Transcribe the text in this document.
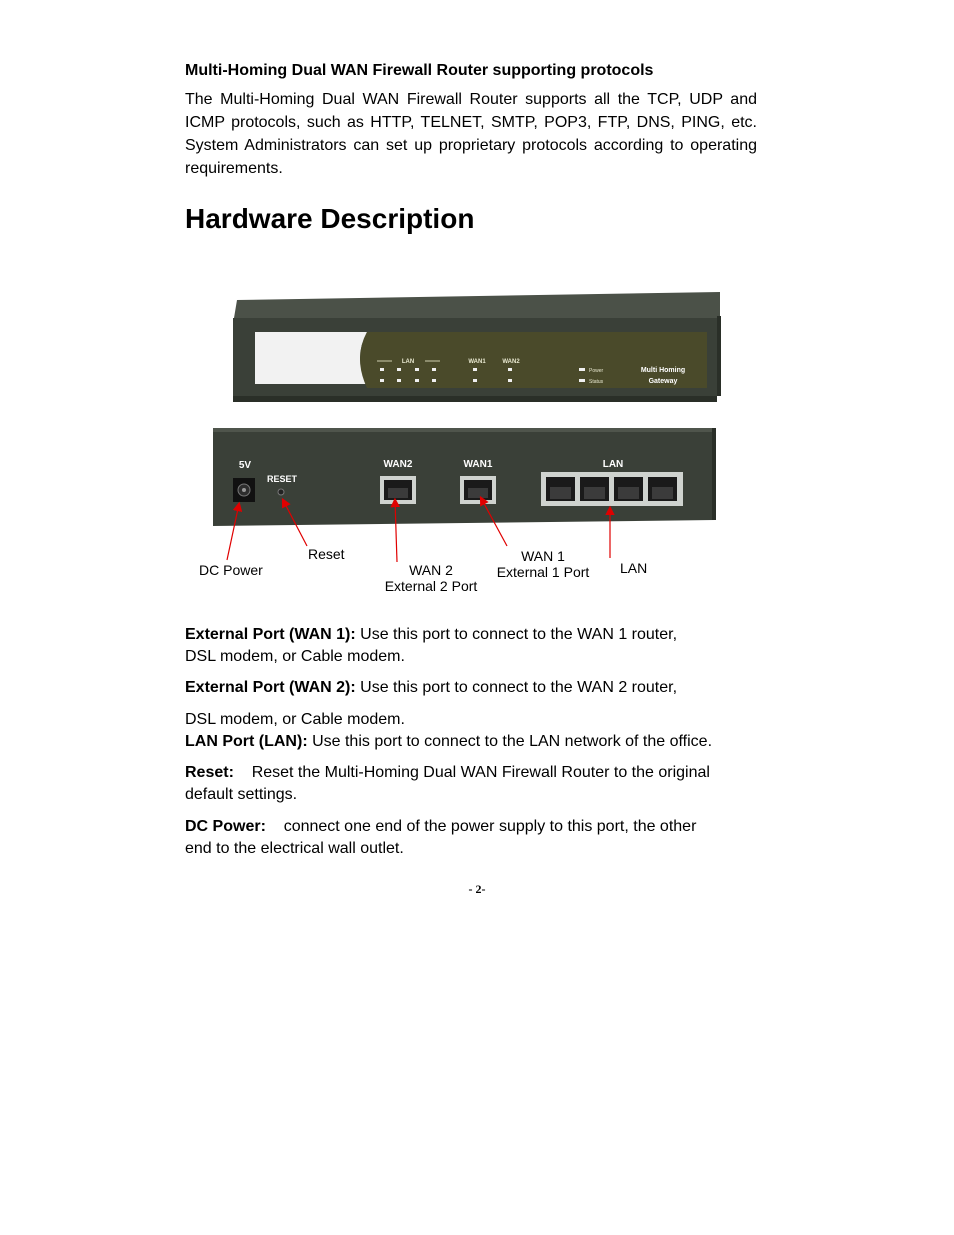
Multi-Homing Dual WAN Firewall Router supporting protocols
The Multi-Homing Dual WAN Firewall Router supports all the TCP, UDP and ICMP protocols, such as HTTP, TELNET, SMTP, POP3, FTP, DNS, PING, etc. System Administrators can set up proprietary protocols according to operating requirements.
Hardware Description
LAN	WAN1	WAN2
Power
Status
Multi Homing
Gateway
5V
RESET
WAN2	WAN1	LAN
DC Power
Reset
WAN 2
External 2 Port
WAN 1
External 1 Port LAN
External Port (WAN 1): Use this port to connect to the WAN 1 router,
DSL modem, or Cable modem.
External Port (WAN 2): Use this port to connect to the WAN 2 router,
DSL modem, or Cable modem.
LAN Port (LAN): Use this port to connect to the LAN network of the office.
Reset:    Reset the Multi-Homing Dual WAN Firewall Router to the original
default settings.
DC Power:    connect one end of the power supply to this port, the other
end to the electrical wall outlet.
- 2-
